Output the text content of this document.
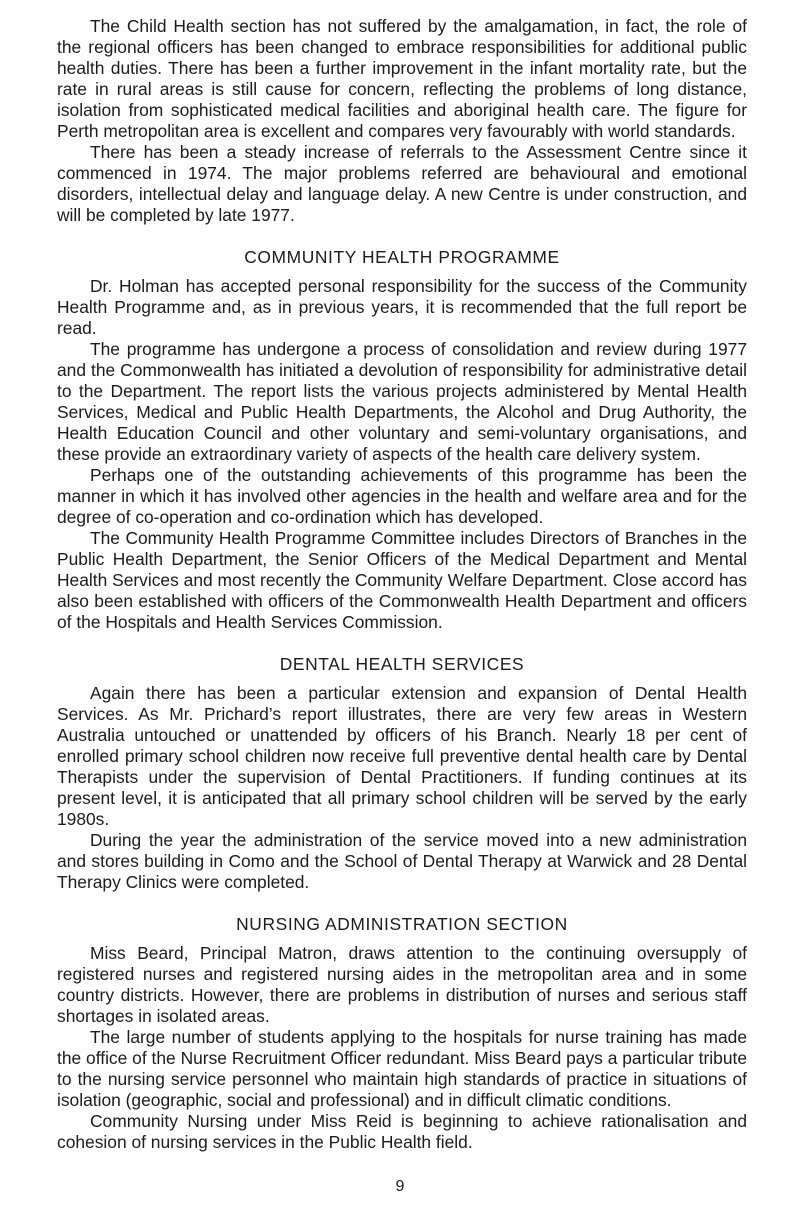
The Child Health section has not suffered by the amalgamation, in fact, the role of the regional officers has been changed to embrace responsibilities for additional public health duties. There has been a further improvement in the infant mortality rate, but the rate in rural areas is still cause for concern, reflecting the problems of long distance, isolation from sophisticated medical facilities and aboriginal health care. The figure for Perth metropolitan area is excellent and compares very favourably with world standards.

There has been a steady increase of referrals to the Assessment Centre since it commenced in 1974. The major problems referred are behavioural and emotional disorders, intellectual delay and language delay. A new Centre is under construction, and will be completed by late 1977.

COMMUNITY HEALTH PROGRAMME

Dr. Holman has accepted personal responsibility for the success of the Community Health Programme and, as in previous years, it is recommended that the full report be read.

The programme has undergone a process of consolidation and review during 1977 and the Commonwealth has initiated a devolution of responsibility for administrative detail to the Department. The report lists the various projects administered by Mental Health Services, Medical and Public Health Departments, the Alcohol and Drug Authority, the Health Education Council and other voluntary and semi-voluntary organisations, and these provide an extraordinary variety of aspects of the health care delivery system.

Perhaps one of the outstanding achievements of this programme has been the manner in which it has involved other agencies in the health and welfare area and for the degree of co-operation and co-ordination which has developed.

The Community Health Programme Committee includes Directors of Branches in the Public Health Department, the Senior Officers of the Medical Department and Mental Health Services and most recently the Community Welfare Department. Close accord has also been established with officers of the Commonwealth Health Department and officers of the Hospitals and Health Services Commission.

DENTAL HEALTH SERVICES

Again there has been a particular extension and expansion of Dental Health Services. As Mr. Prichard’s report illustrates, there are very few areas in Western Australia untouched or unattended by officers of his Branch. Nearly 18 per cent of enrolled primary school children now receive full preventive dental health care by Dental Therapists under the supervision of Dental Practitioners. If funding continues at its present level, it is anticipated that all primary school children will be served by the early 1980s.

During the year the administration of the service moved into a new administration and stores building in Como and the School of Dental Therapy at Warwick and 28 Dental Therapy Clinics were completed.

NURSING ADMINISTRATION SECTION

Miss Beard, Principal Matron, draws attention to the continuing oversupply of registered nurses and registered nursing aides in the metropolitan area and in some country districts. However, there are problems in distribution of nurses and serious staff shortages in isolated areas.

The large number of students applying to the hospitals for nurse training has made the office of the Nurse Recruitment Officer redundant. Miss Beard pays a particular tribute to the nursing service personnel who maintain high standards of practice in situations of isolation (geographic, social and professional) and in difficult climatic conditions.

Community Nursing under Miss Reid is beginning to achieve rationalisation and cohesion of nursing services in the Public Health field.

9
